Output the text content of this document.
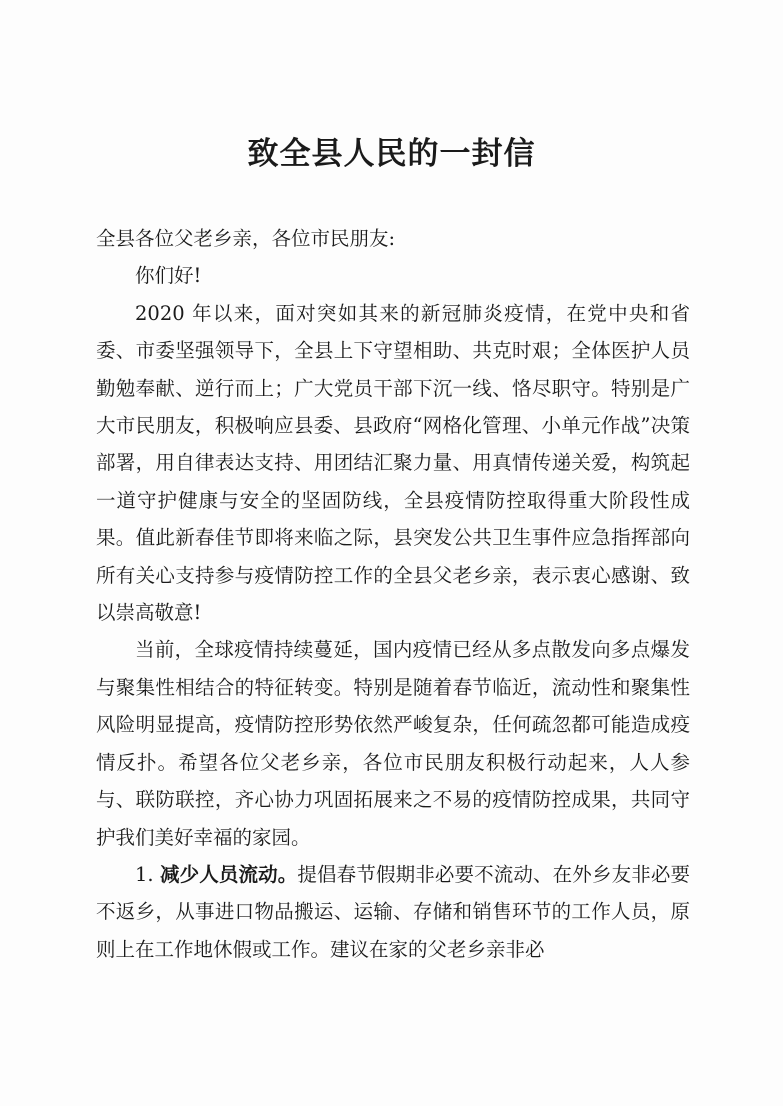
致全县人民的一封信

全县各位父老乡亲，各位市民朋友:

你们好!

2020 年以来，面对突如其来的新冠肺炎疫情，在党中央和省委、市委坚强领导下，全县上下守望相助、共克时艰；全体医护人员勤勉奉献、逆行而上；广大党员干部下沉一线、恪尽职守。特别是广大市民朋友，积极响应县委、县政府“网格化管理、小单元作战”决策部署，用自律表达支持、用团结汇聚力量、用真情传递关爱，构筑起一道守护健康与安全的坚固防线，全县疫情防控取得重大阶段性成果。值此新春佳节即将来临之际，县突发公共卫生事件应急指挥部向所有关心支持参与疫情防控工作的全县父老乡亲，表示衷心感谢、致以崇高敬意!

当前，全球疫情持续蔓延，国内疫情已经从多点散发向多点爆发与聚集性相结合的特征转变。特别是随着春节临近，流动性和聚集性风险明显提高，疫情防控形势依然严峻复杂，任何疏忽都可能造成疫情反扑。希望各位父老乡亲，各位市民朋友积极行动起来，人人参与、联防联控，齐心协力巩固拓展来之不易的疫情防控成果，共同守护我们美好幸福的家园。

1. 减少人员流动。提倡春节假期非必要不流动、在外乡友非必要不返乡，从事进口物品搬运、运输、存储和销售环节的工作人员，原则上在工作地休假或工作。建议在家的父老乡亲非必
